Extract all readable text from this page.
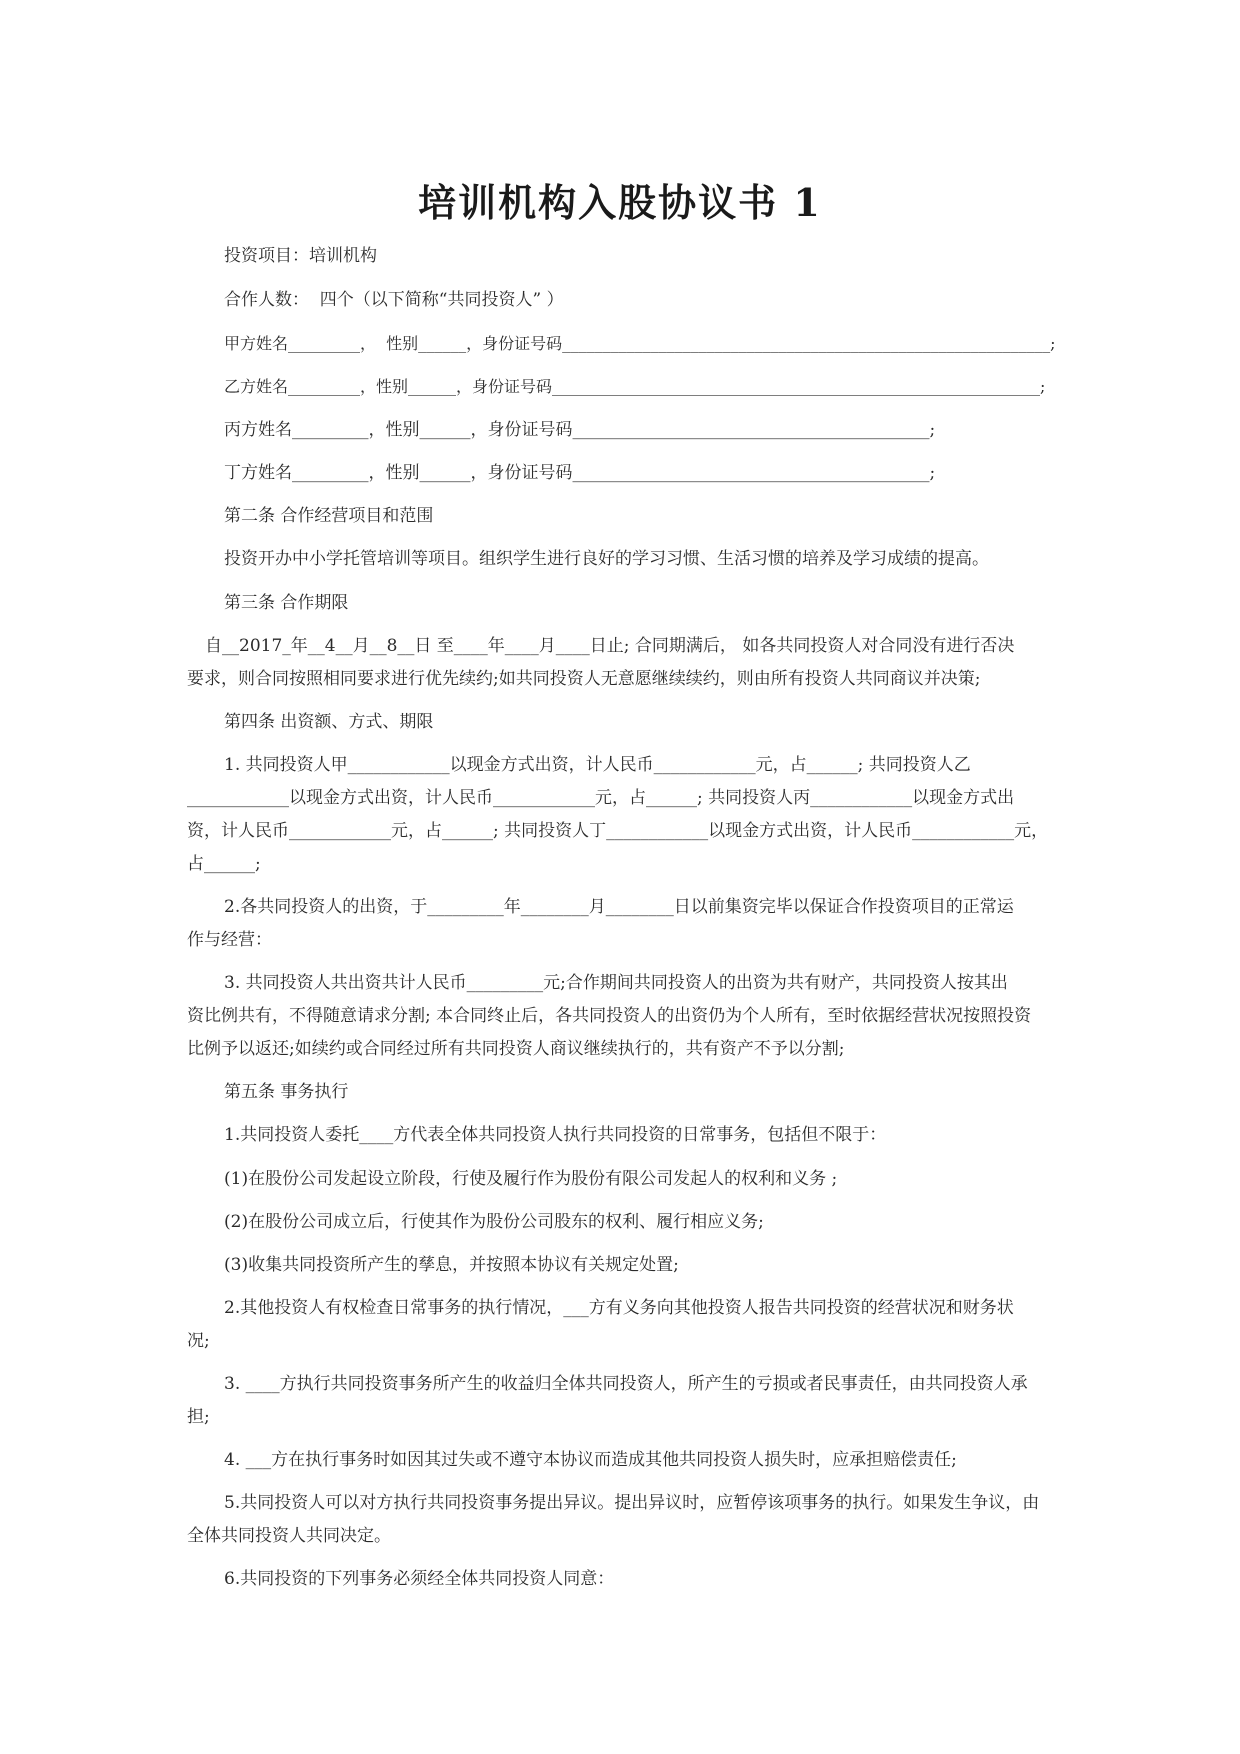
培训机构入股协议书 1
投资项目：培训机构
合作人数：  四个（以下简称“共同投资人” ）
甲方姓名_________，  性别______，身份证号码_____________________________________________________________;
乙方姓名_________，性别______，身份证号码_____________________________________________________________;
丙方姓名_________，性别______，身份证号码__________________________________________;
丁方姓名_________，性别______，身份证号码__________________________________________;
第二条 合作经营项目和范围
投资开办中小学托管培训等项目。组织学生进行良好的学习习惯、生活习惯的培养及学习成绩的提高。
第三条 合作期限
自__2017_年__4__月__8__日 至____年____月____日止; 合同期满后， 如各共同投资人对合同没有进行否决
要求，则合同按照相同要求进行优先续约;如共同投资人无意愿继续续约，则由所有投资人共同商议并决策;
第四条 出资额、方式、期限
1. 共同投资人甲____________以现金方式出资，计人民币____________元，占______; 共同投资人乙
____________以现金方式出资，计人民币____________元，占______; 共同投资人丙____________以现金方式出
资，计人民币____________元，占______; 共同投资人丁____________以现金方式出资，计人民币____________元，
占______;
2.各共同投资人的出资，于_________年________月________日以前集资完毕以保证合作投资项目的正常运
作与经营：
3. 共同投资人共出资共计人民币_________元;合作期间共同投资人的出资为共有财产，共同投资人按其出
资比例共有，不得随意请求分割; 本合同终止后，各共同投资人的出资仍为个人所有，至时依据经营状况按照投资
比例予以返还;如续约或合同经过所有共同投资人商议继续执行的，共有资产不予以分割;
第五条 事务执行
1.共同投资人委托____方代表全体共同投资人执行共同投资的日常事务，包括但不限于：
(1)在股份公司发起设立阶段，行使及履行作为股份有限公司发起人的权利和义务 ;
(2)在股份公司成立后，行使其作为股份公司股东的权利、履行相应义务;
(3)收集共同投资所产生的孳息，并按照本协议有关规定处置;
2.其他投资人有权检查日常事务的执行情况，___方有义务向其他投资人报告共同投资的经营状况和财务状
况;
3. ____方执行共同投资事务所产生的收益归全体共同投资人，所产生的亏损或者民事责任，由共同投资人承
担;
4. ___方在执行事务时如因其过失或不遵守本协议而造成其他共同投资人损失时，应承担赔偿责任;
5.共同投资人可以对方执行共同投资事务提出异议。提出异议时，应暂停该项事务的执行。如果发生争议，由
全体共同投资人共同决定。
6.共同投资的下列事务必须经全体共同投资人同意：
